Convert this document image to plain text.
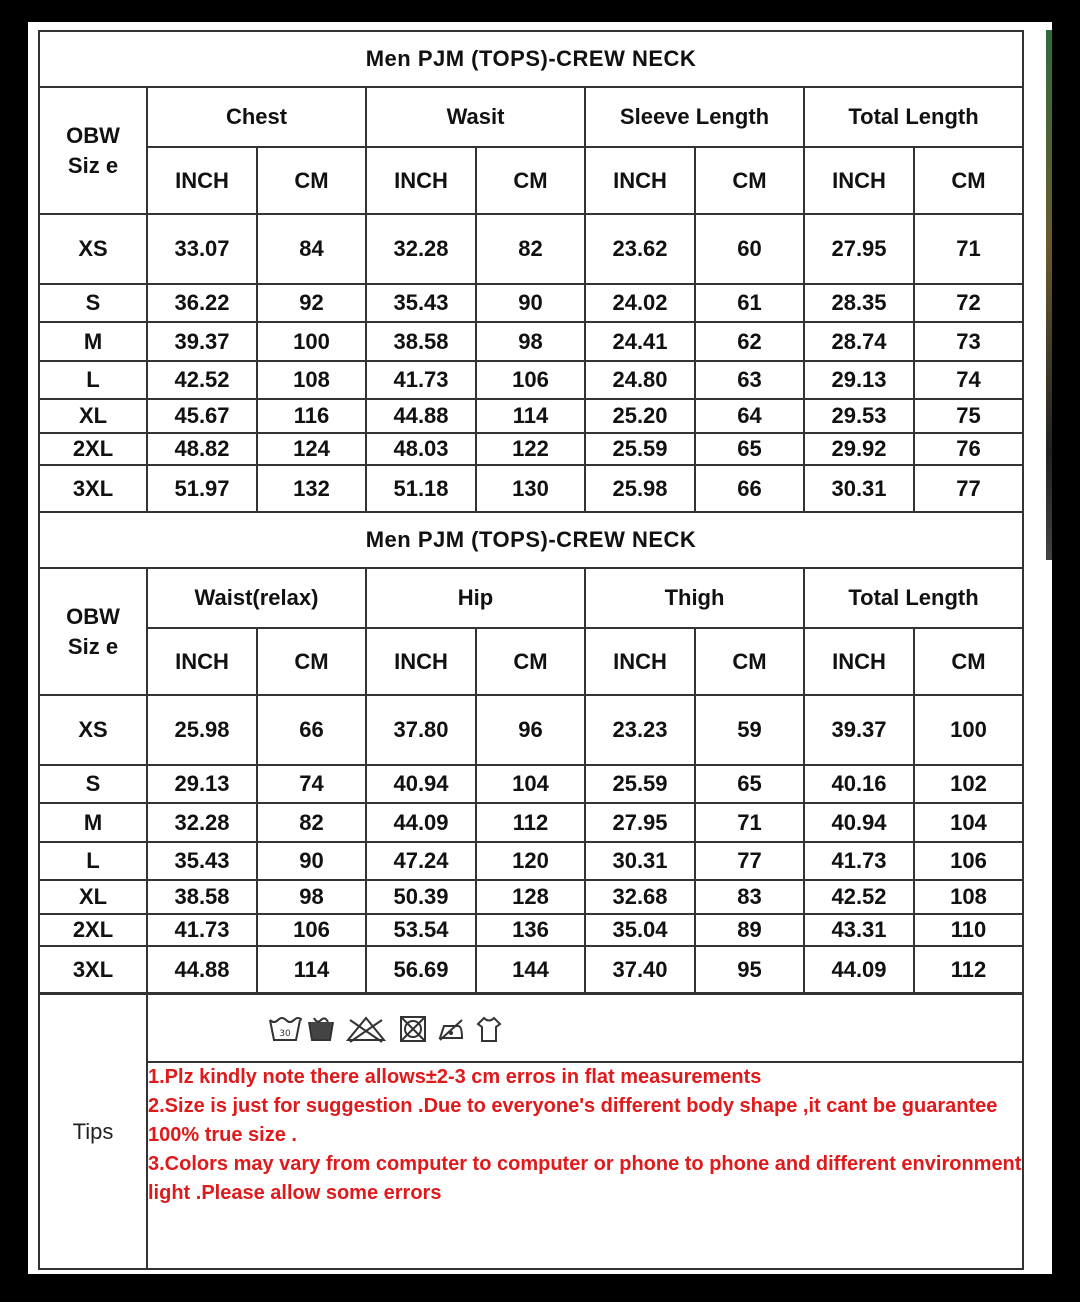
Men PJM (TOPS)-CREW NECK								

OBW
Siz e	Chest		Wasit		Sleeve Length		Total Length	
	INCH	CM	INCH	CM	INCH	CM	INCH	CM
XS	33.07	84	32.28	82	23.62	60	27.95	71
S	36.22	92	35.43	90	24.02	61	28.35	72
M	39.37	100	38.58	98	24.41	62	28.74	73
L	42.52	108	41.73	106	24.80	63	29.13	74
XL	45.67	116	44.88	114	25.20	64	29.53	75
2XL	48.82	124	48.03	122	25.59	65	29.92	76
3XL	51.97	132	51.18	130	25.98	66	30.31	77
Men PJM (TOPS)-CREW NECK								

OBW
Siz e	Waist(relax)		Hip		Thigh		Total Length	
	INCH	CM	INCH	CM	INCH	CM	INCH	CM
XS	25.98	66	37.80	96	23.23	59	39.37	100
S	29.13	74	40.94	104	25.59	65	40.16	102
M	32.28	82	44.09	112	27.95	71	40.94	104
L	35.43	90	47.24	120	30.31	77	41.73	106
XL	38.58	98	50.39	128	32.68	83	42.52	108
2XL	41.73	106	53.54	136	35.04	89	43.31	110
3XL	44.88	114	56.69	144	37.40	95	44.09	112
Tips	
30

1.Plz kindly note there allows±2-3 cm erros in flat measurements
2.Size is just for suggestion .Due to everyone's different body shape ,it cant be guarantee 100% true size .
3.Colors may vary from computer to computer or phone to phone and different environment light .Please allow some errors
